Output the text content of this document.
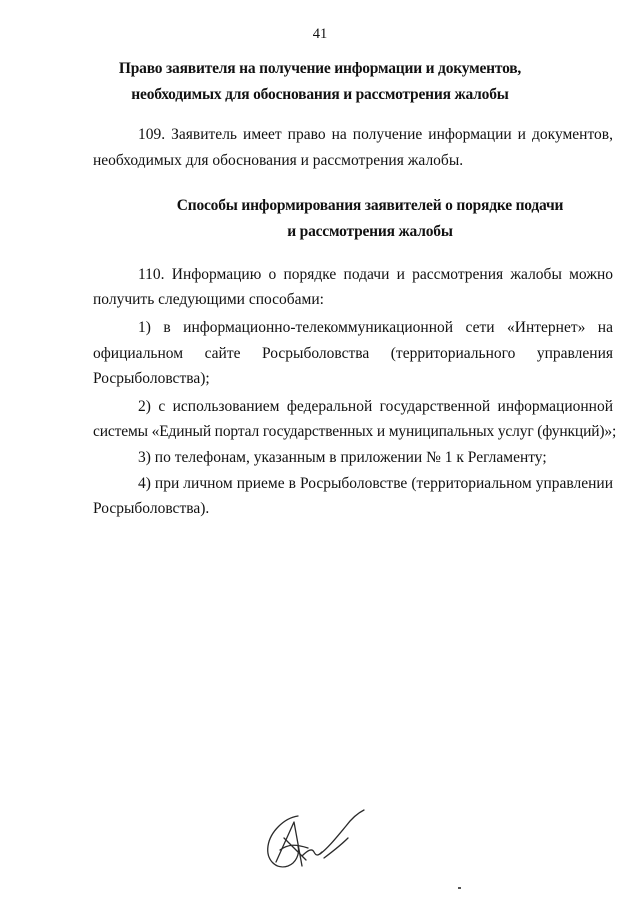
41
Право заявителя на получение информации и документов,
необходимых для обоснования и рассмотрения жалобы
109. Заявитель имеет право на получение информации и документов,
необходимых для обоснования и рассмотрения жалобы.
Способы информирования заявителей о порядке подачи
и рассмотрения жалобы
110. Информацию о порядке подачи и рассмотрения жалобы можно
получить следующими способами:
1) в информационно-телекоммуникационной сети «Интернет» на
официальном сайте Росрыболовства (территориального управления
Росрыболовства);
2) с использованием федеральной государственной информационной
системы «Единый портал государственных и муниципальных услуг (функций)»;
3) по телефонам, указанным в приложении № 1 к Регламенту;
4) при личном приеме в Росрыболовстве (территориальном управлении
Росрыболовства).
